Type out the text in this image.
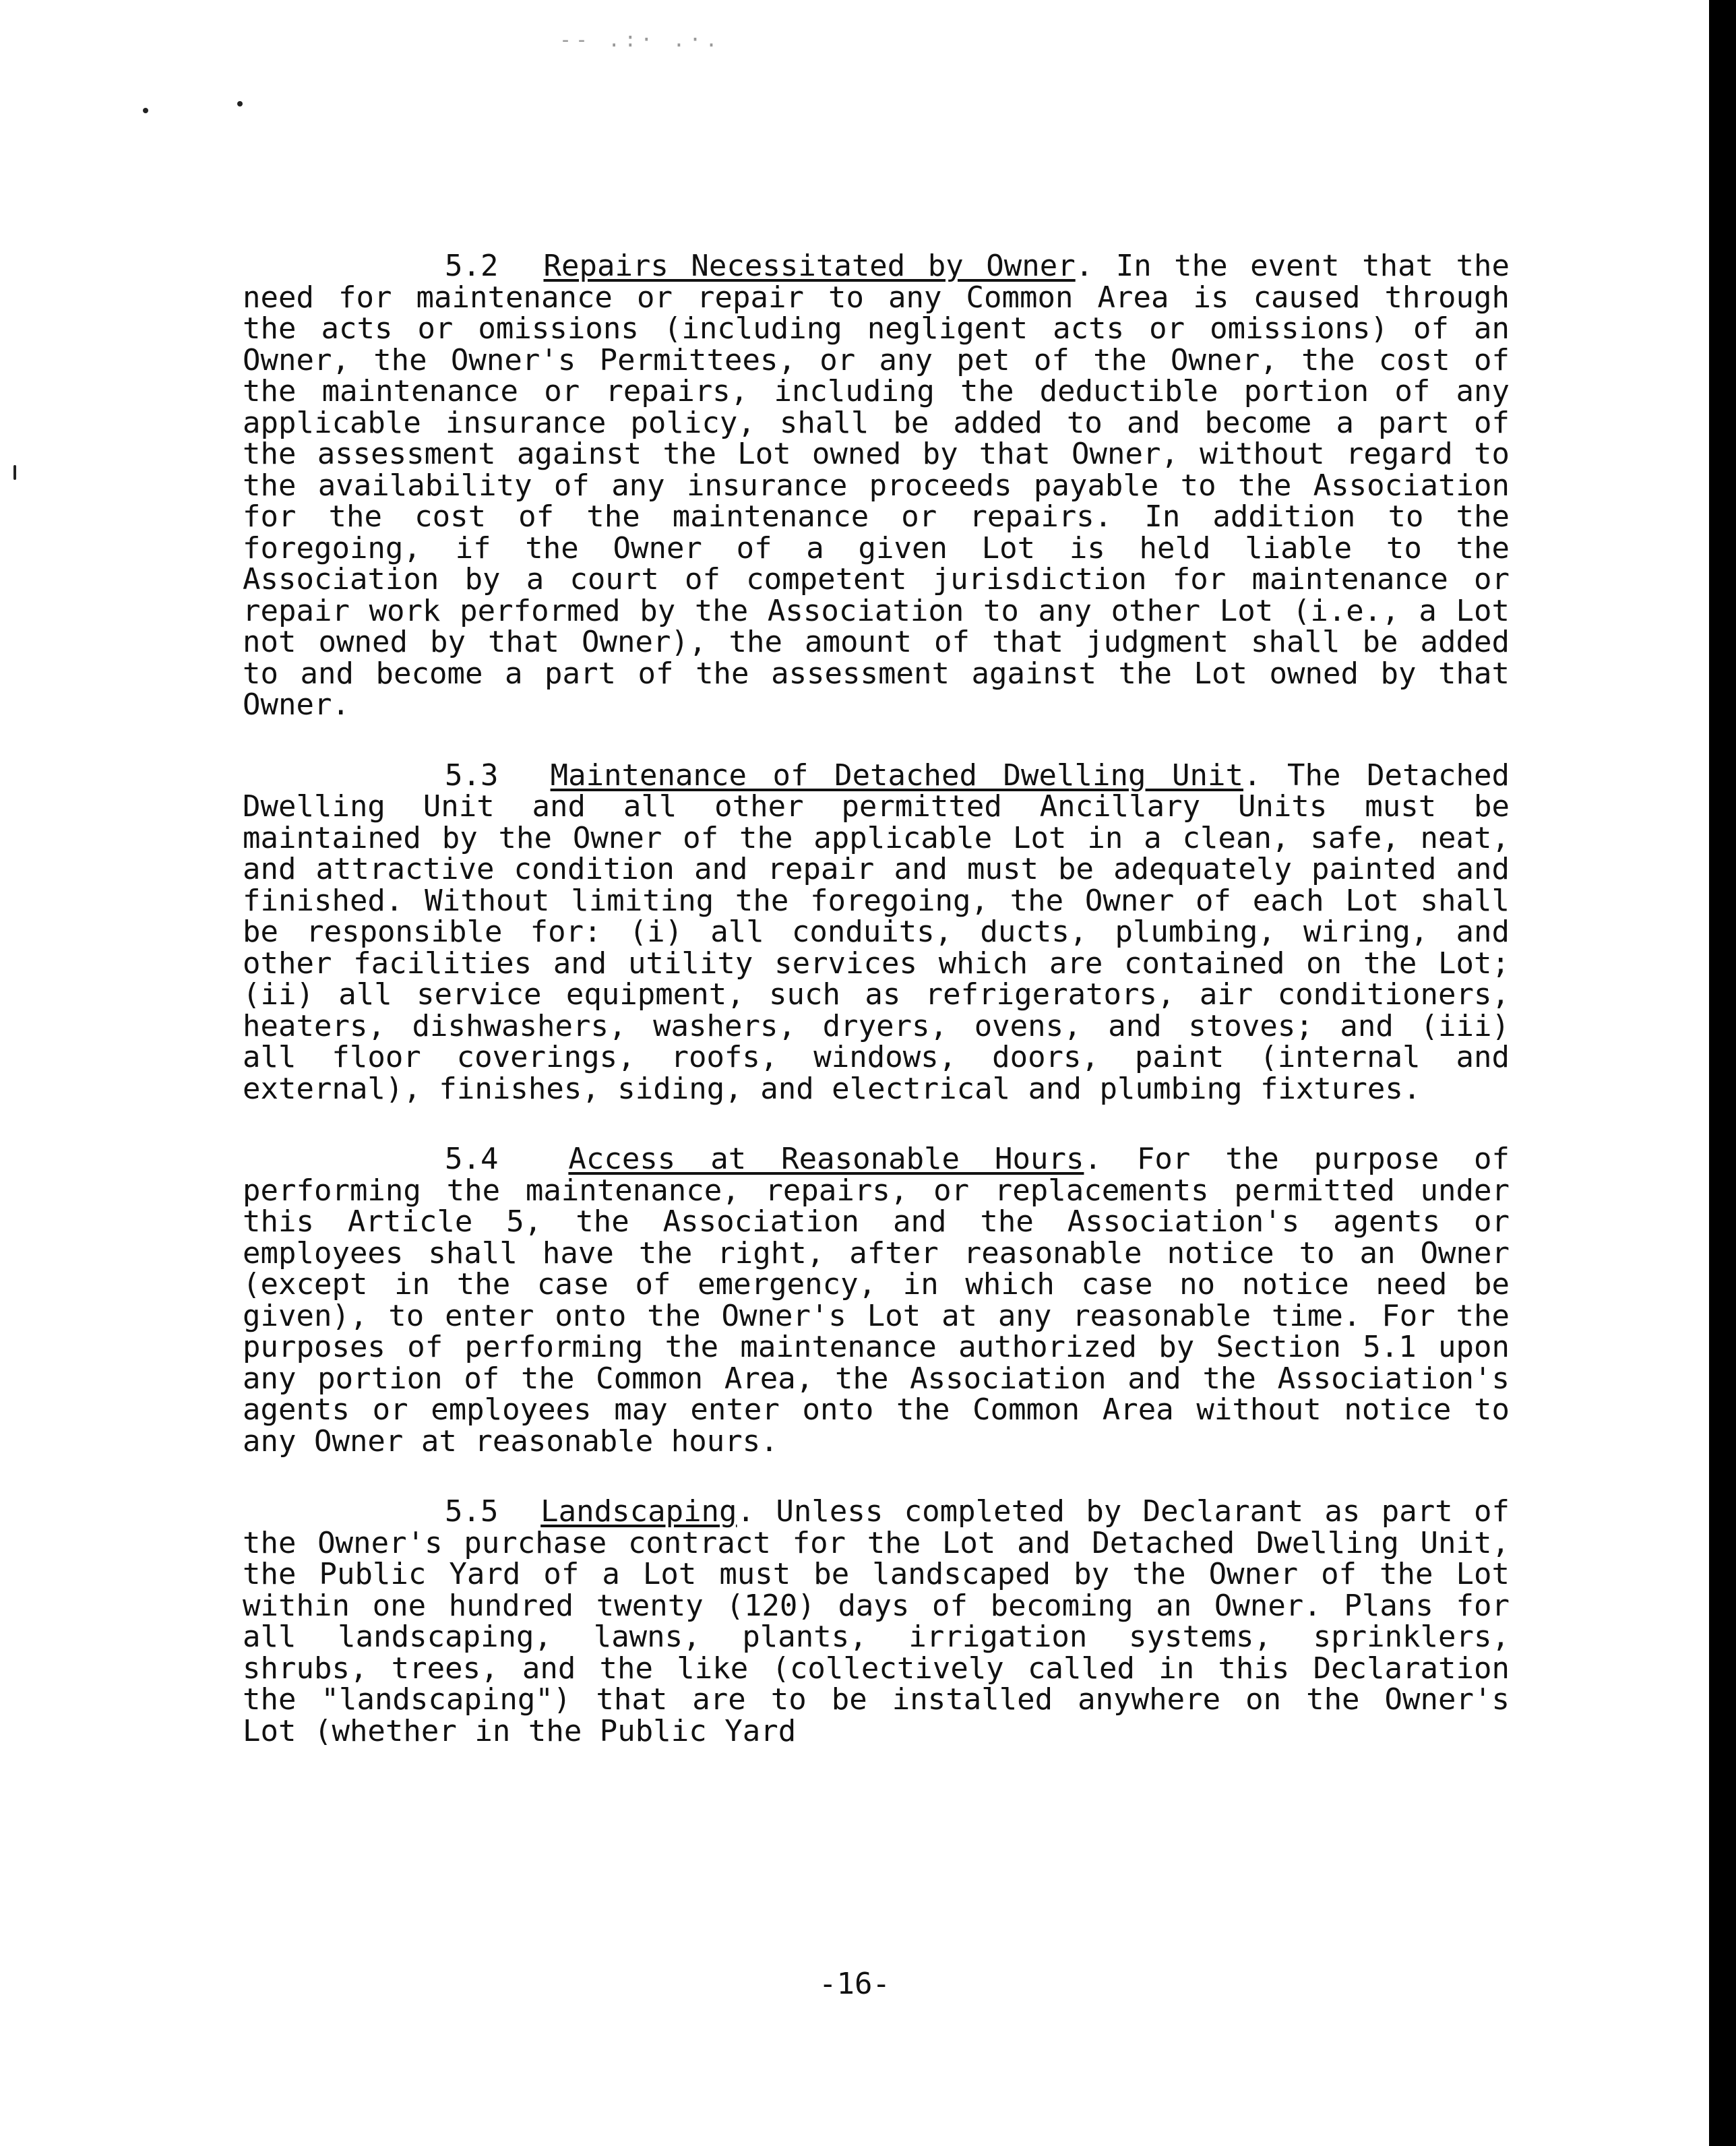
-- .:· .·.

5.2 Repairs Necessitated by Owner. In the event that the need for maintenance or repair to any Common Area is caused through the acts or omissions (including negligent acts or omissions) of an Owner, the Owner's Permittees, or any pet of the Owner, the cost of the maintenance or repairs, including the deductible portion of any applicable insurance policy, shall be added to and become a part of the assessment against the Lot owned by that Owner, without regard to the availability of any insurance proceeds payable to the Association for the cost of the maintenance or repairs. In addition to the foregoing, if the Owner of a given Lot is held liable to the Association by a court of competent jurisdiction for maintenance or repair work performed by the Association to any other Lot (i.e., a Lot not owned by that Owner), the amount of that judgment shall be added to and become a part of the assessment against the Lot owned by that Owner.

5.3 Maintenance of Detached Dwelling Unit. The Detached Dwelling Unit and all other permitted Ancillary Units must be maintained by the Owner of the applicable Lot in a clean, safe, neat, and attractive condition and repair and must be adequately painted and finished. Without limiting the foregoing, the Owner of each Lot shall be responsible for: (i) all conduits, ducts, plumbing, wiring, and other facilities and utility services which are contained on the Lot; (ii) all service equipment, such as refrigerators, air conditioners, heaters, dishwashers, washers, dryers, ovens, and stoves; and (iii) all floor coverings, roofs, windows, doors, paint (internal and external), finishes, siding, and electrical and plumbing fixtures.

5.4 Access at Reasonable Hours. For the purpose of performing the maintenance, repairs, or replacements permitted under this Article 5, the Association and the Association's agents or employees shall have the right, after reasonable notice to an Owner (except in the case of emergency, in which case no notice need be given), to enter onto the Owner's Lot at any reasonable time. For the purposes of performing the maintenance authorized by Section 5.1 upon any portion of the Common Area, the Association and the Association's agents or employees may enter onto the Common Area without notice to any Owner at reasonable hours.

5.5 Landscaping. Unless completed by Declarant as part of the Owner's purchase contract for the Lot and Detached Dwelling Unit, the Public Yard of a Lot must be landscaped by the Owner of the Lot within one hundred twenty (120) days of becoming an Owner. Plans for all landscaping, lawns, plants, irrigation systems, sprinklers, shrubs, trees, and the like (collectively called in this Declaration the "landscaping") that are to be installed anywhere on the Owner's Lot (whether in the Public Yard

-16-
